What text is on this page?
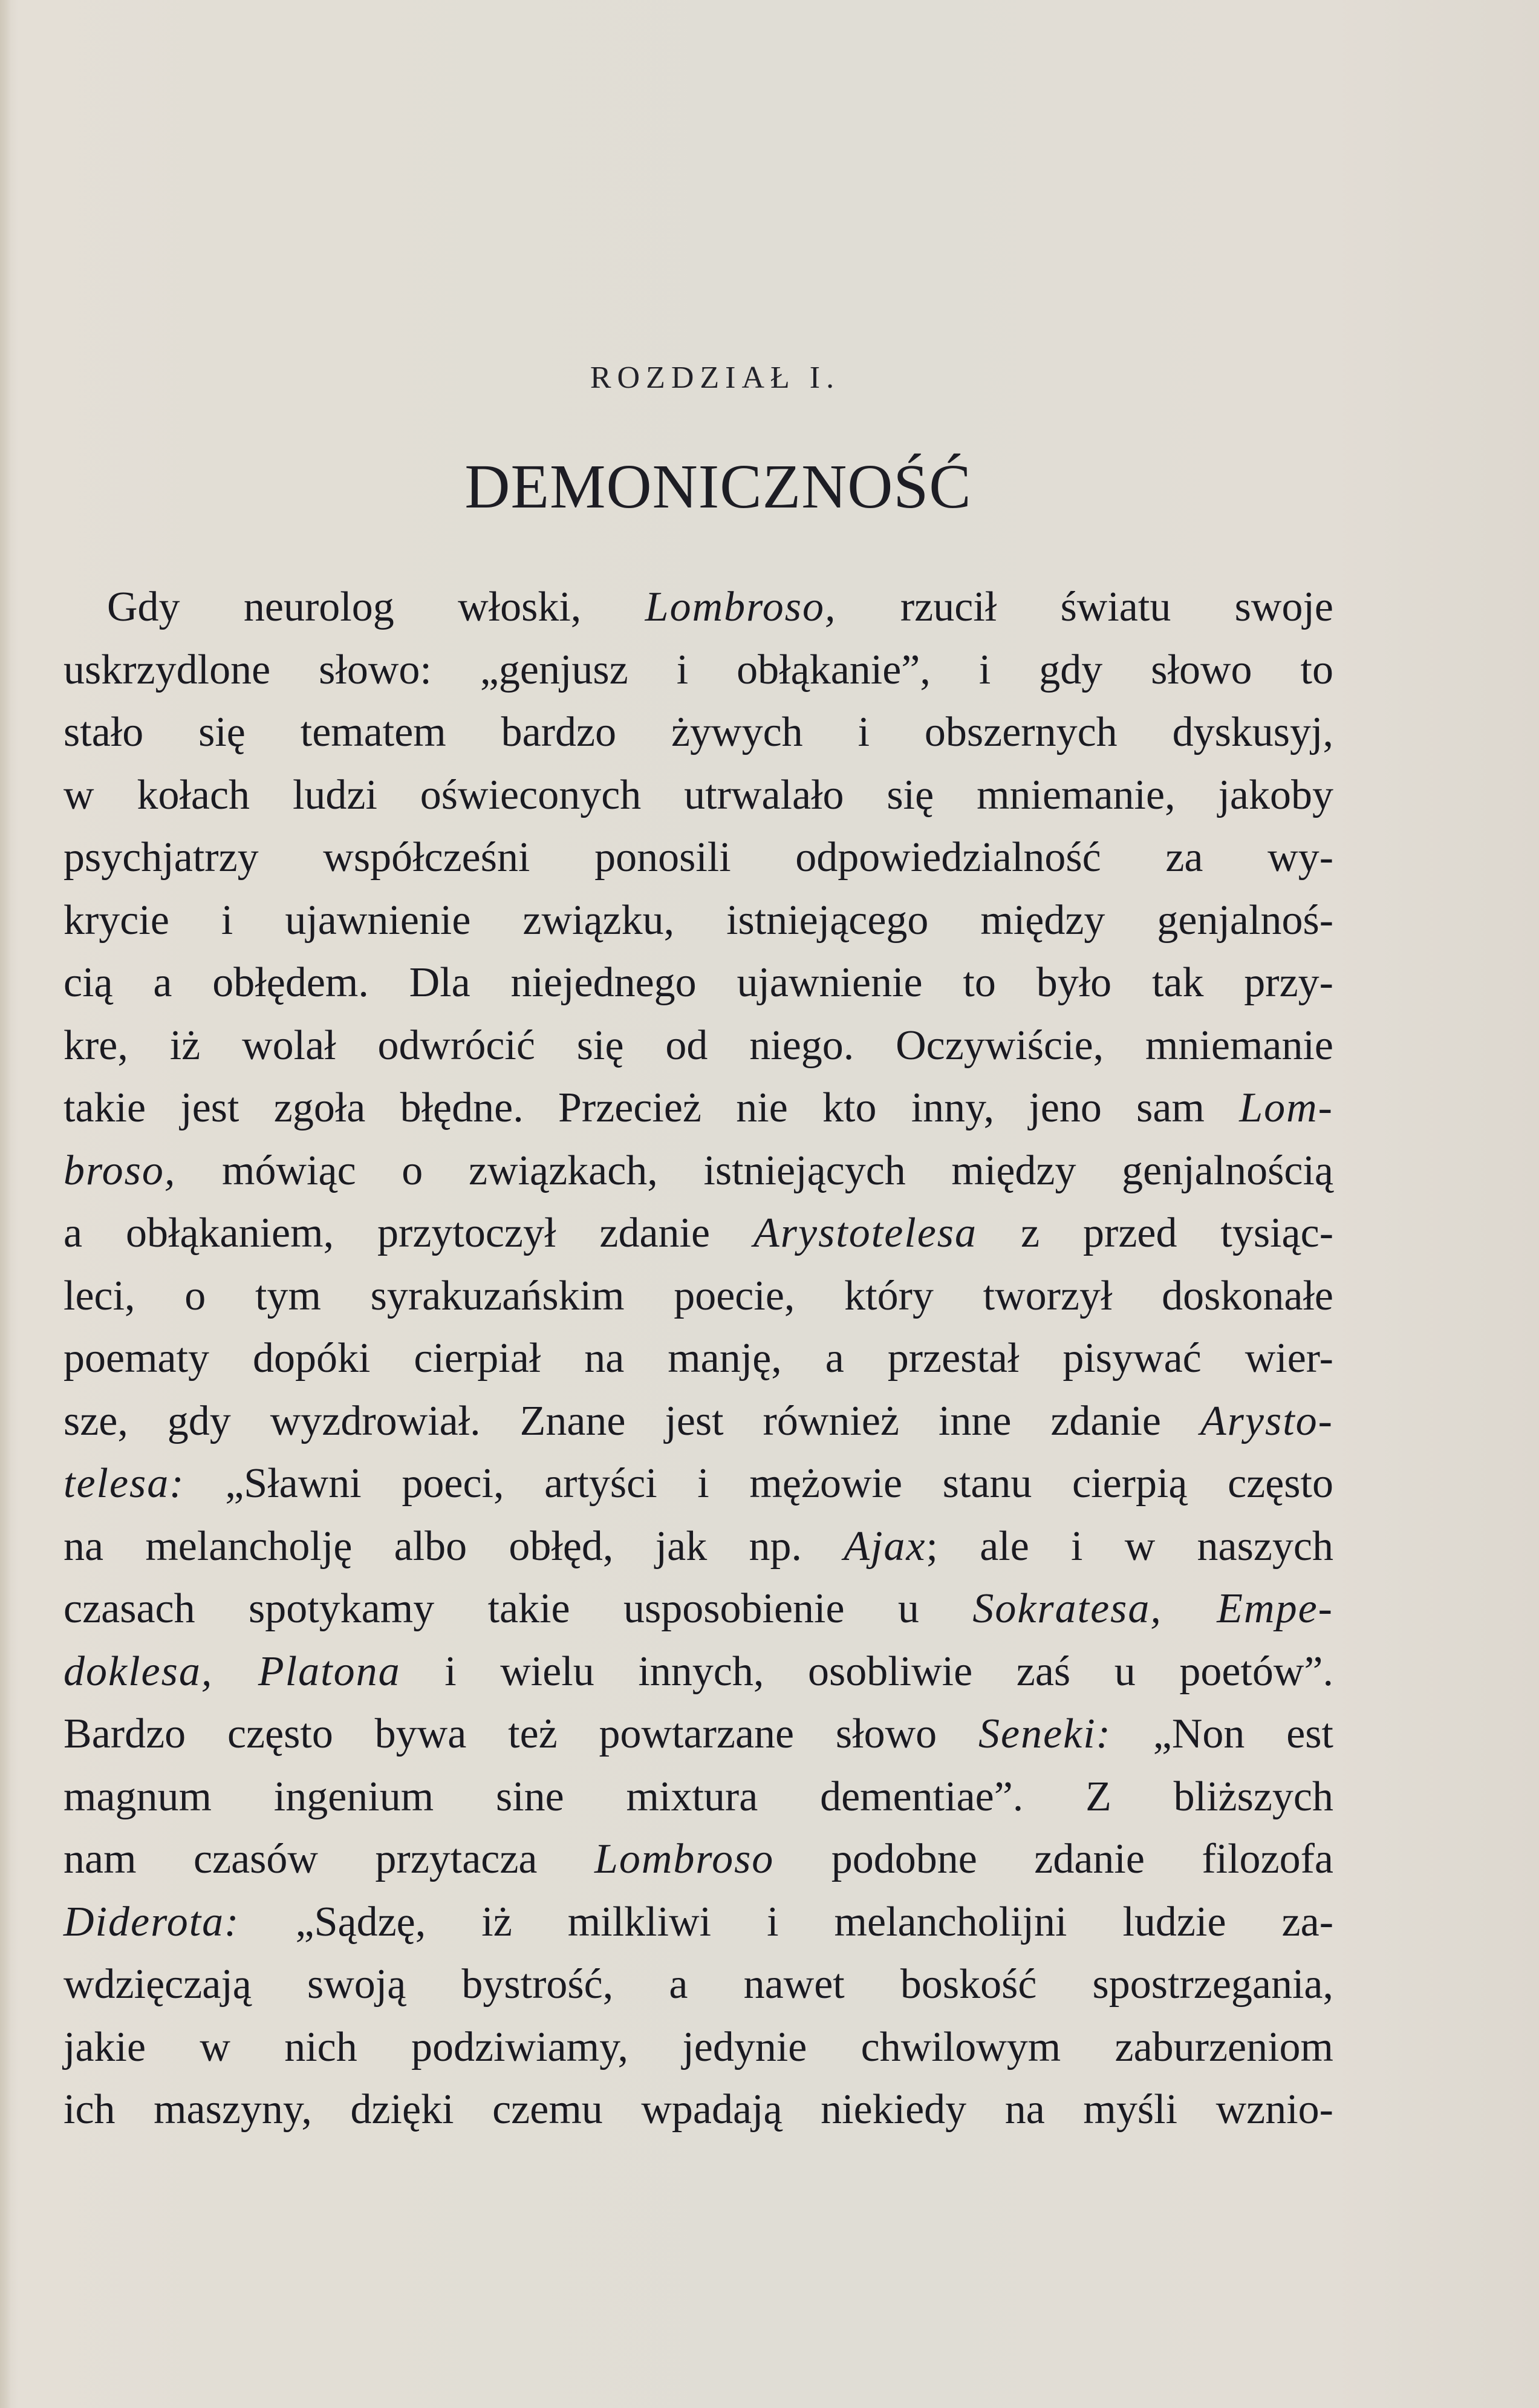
ROZDZIAŁ I.
DEMONICZNOŚĆ
Gdy neurolog włoski, Lombroso, rzucił światu swoje
uskrzydlone słowo: „genjusz i obłąkanie”, i gdy słowo to
stało się tematem bardzo żywych i obszernych dyskusyj,
w kołach ludzi oświeconych utrwalało się mniemanie, jakoby
psychjatrzy współcześni ponosili odpowiedzialność za wy-
krycie i ujawnienie związku, istniejącego między genjalnoś-
cią a obłędem. Dla niejednego ujawnienie to było tak przy-
kre, iż wolał odwrócić się od niego. Oczywiście, mniemanie
takie jest zgoła błędne. Przecież nie kto inny, jeno sam Lom-
broso, mówiąc o związkach, istniejących między genjalnością
a obłąkaniem, przytoczył zdanie Arystotelesa z przed tysiąc-
leci, o tym syrakuzańskim poecie, który tworzył doskonałe
poematy dopóki cierpiał na manję, a przestał pisywać wier-
sze, gdy wyzdrowiał. Znane jest również inne zdanie Arysto-
telesa: „Sławni poeci, artyści i mężowie stanu cierpią często
na melancholję albo obłęd, jak np. Ajax; ale i w naszych
czasach spotykamy takie usposobienie u Sokratesa, Empe-
doklesa, Platona i wielu innych, osobliwie zaś u poetów”.
Bardzo często bywa też powtarzane słowo Seneki: „Non est
magnum ingenium sine mixtura dementiae”. Z bliższych
nam czasów przytacza Lombroso podobne zdanie filozofa
Diderota: „Sądzę, iż milkliwi i melancholijni ludzie za-
wdzięczają swoją bystrość, a nawet boskość spostrzegania,
jakie w nich podziwiamy, jedynie chwilowym zaburzeniom
ich maszyny, dzięki czemu wpadają niekiedy na myśli wznio-
